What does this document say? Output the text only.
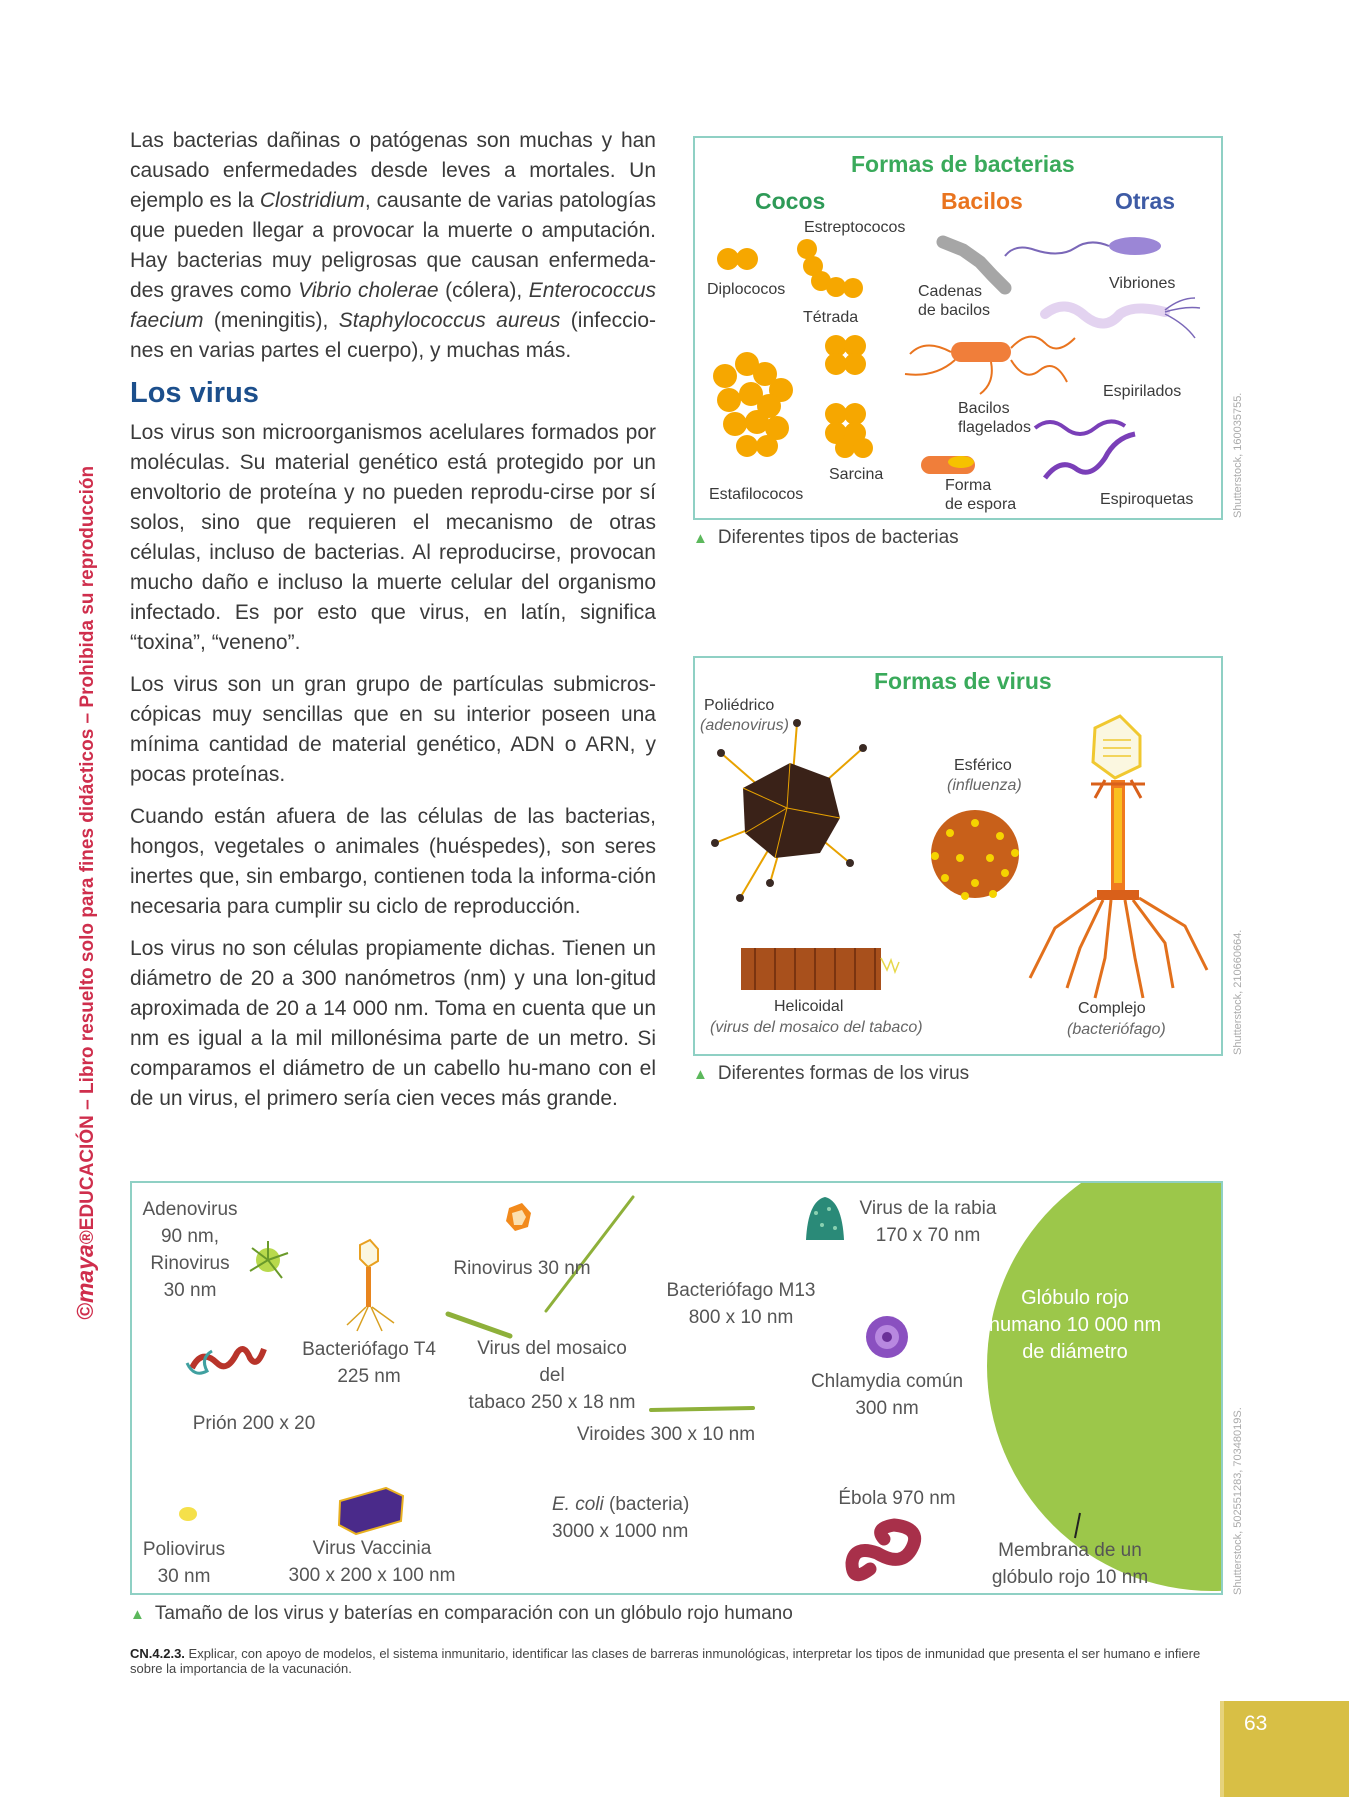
©maya®EDUCACIÓN – Libro resuelto solo para fines didácticos – Prohibida su reproducción

Las bacterias dañinas o patógenas son muchas y han causado enfermedades desde leves a mortales. Un ejemplo es la Clostridium, causante de varias patologías que pueden llegar a provocar la muerte o amputación. Hay bacterias muy peligrosas que causan enfermeda-des graves como Vibrio cholerae (cólera), Enterococcus faecium (meningitis), Staphylococcus aureus (infeccio-nes en varias partes el cuerpo), y muchas más.

Los virus

Los virus son microorganismos acelulares formados por moléculas. Su material genético está protegido por un envoltorio de proteína y no pueden reprodu-cirse por sí solos, sino que requieren el mecanismo de otras células, incluso de bacterias. Al reproducirse, provocan mucho daño e incluso la muerte celular del organismo infectado. Es por esto que virus, en latín, significa “toxina”, “veneno”.

Los virus son un gran grupo de partículas submicros-cópicas muy sencillas que en su interior poseen una mínima cantidad de material genético, ADN o ARN, y pocas proteínas.

Cuando están afuera de las células de las bacterias, hongos, vegetales o animales (huéspedes), son seres inertes que, sin embargo, contienen toda la informa-ción necesaria para cumplir su ciclo de reproducción.

Los virus no son células propiamente dichas. Tienen un diámetro de 20 a 300 nanómetros (nm) y una lon-gitud aproximada de 20 a 14 000 nm. Toma en cuenta que un nm es igual a la mil millonésima parte de un metro. Si comparamos el diámetro de un cabello hu-mano con el de un virus, el primero sería cien veces más grande.

Formas de bacterias
Cocos	Bacilos	Otras
Diplococos
Estreptococos
Tétrada
Estafilococos
Sarcina
Cadenas
de bacilos
Bacilos
flagelados
Forma
de espora
Vibriones
Espirilados
Espiroquetas
▲ Diferentes tipos de bacterias
Shutterstock, 160035755.
Formas de virus
Poliédrico
(adenovirus)
Esférico
(influenza)
Helicoidal
(virus del mosaico del tabaco)
Complejo
(bacteriófago)
▲ Diferentes formas de los virus
Shutterstock, 210660664.
Adenovirus
90 nm,
Rinovirus
30 nm
Prión 200 x 20
Bacteriófago T4
225 nm
Rinovirus 30 nm
Virus del mosaico del
tabaco 250 x 18 nm
Bacteriófago M13
800 x 10 nm
Viroides 300 x 10 nm
Virus de la rabia
170 x 70 nm
Chlamydia común
300 nm
Glóbulo rojo
humano 10 000 nm
de diámetro
Poliovirus
30 nm
Virus Vaccinia
300 x 200 x 100 nm
E. coli (bacteria)
3000 x 1000 nm
Ébola 970 nm
Membrana de un
glóbulo rojo 10 nm
▲ Tamaño de los virus y baterías en comparación con un glóbulo rojo humano
Shutterstock, 502551283, 70348019S.
CN.4.2.3. Explicar, con apoyo de modelos, el sistema inmunitario, identificar las clases de barreras inmunológicas, interpretar los tipos de inmunidad que presenta el ser humano e infiere sobre la importancia de la vacunación.
63
